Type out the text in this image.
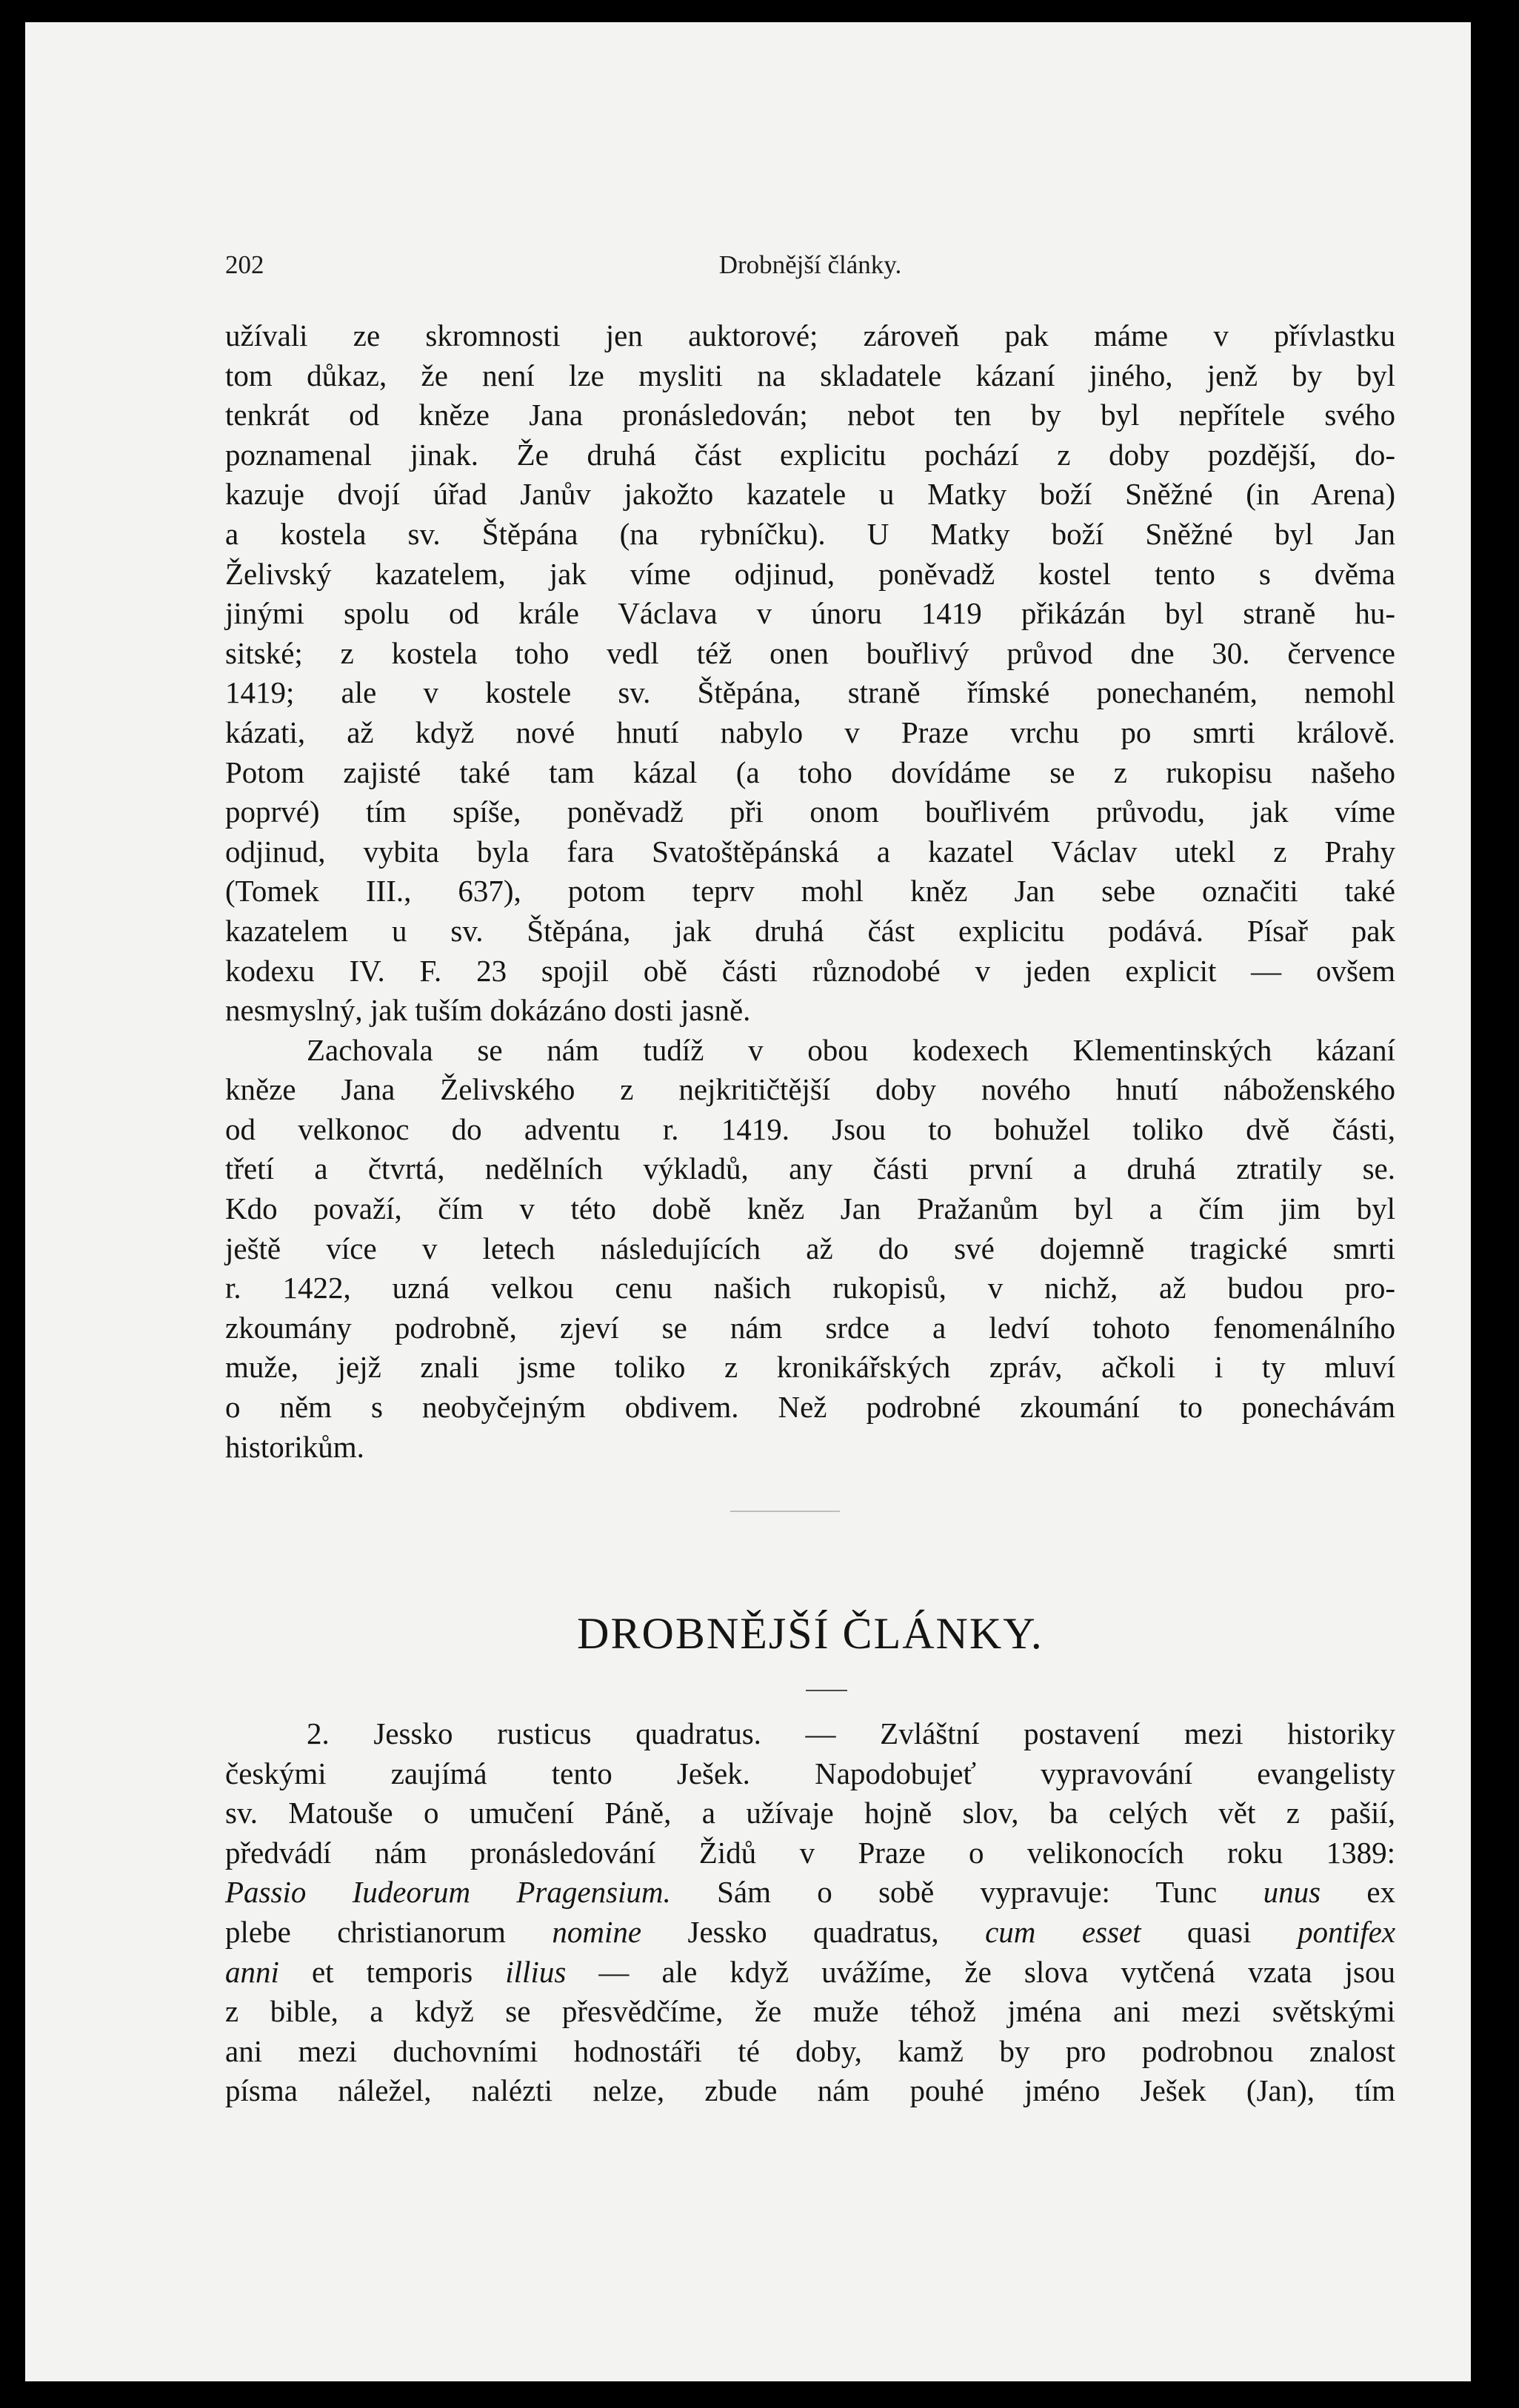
202	Drobnější články.
užívali ze skromnosti jen auktorové; zároveň pak máme v přívlastku
tom důkaz, že není lze mysliti na skladatele kázaní jiného, jenž by byl
tenkrát od kněze Jana pronásledován; nebot ten by byl nepřítele svého
poznamenal jinak. Že druhá část explicitu pochází z doby pozdější, do-
kazuje dvojí úřad Janův jakožto kazatele u Matky boží Sněžné (in Arena)
a kostela sv. Štěpána (na rybníčku). U Matky boží Sněžné byl Jan
Želivský kazatelem, jak víme odjinud, poněvadž kostel tento s dvěma
jinými spolu od krále Václava v únoru 1419 přikázán byl straně hu-
sitské; z kostela toho vedl též onen bouřlivý průvod dne 30. července
1419; ale v kostele sv. Štěpána, straně římské ponechaném, nemohl
kázati, až když nové hnutí nabylo v Praze vrchu po smrti králově.
Potom zajisté také tam kázal (a toho dovídáme se z rukopisu našeho
poprvé) tím spíše, poněvadž při onom bouřlivém průvodu, jak víme
odjinud, vybita byla fara Svatoštěpánská a kazatel Václav utekl z Prahy
(Tomek III., 637), potom teprv mohl kněz Jan sebe označiti také
kazatelem u sv. Štěpána, jak druhá část explicitu podává. Písař pak
kodexu IV. F. 23 spojil obě části různodobé v jeden explicit — ovšem
nesmyslný, jak tuším dokázáno dosti jasně.
Zachovala se nám tudíž v obou kodexech Klementinských kázaní
kněze Jana Želivského z nejkritičtější doby nového hnutí náboženského
od velkonoc do adventu r. 1419. Jsou to bohužel toliko dvě části,
třetí a čtvrtá, nedělních výkladů, any části první a druhá ztratily se.
Kdo považí, čím v této době kněz Jan Pražanům byl a čím jim byl
ještě více v letech následujících až do své dojemně tragické smrti
r. 1422, uzná velkou cenu našich rukopisů, v nichž, až budou pro-
zkoumány podrobně, zjeví se nám srdce a ledví tohoto fenomenálního
muže, jejž znali jsme toliko z kronikářských zpráv, ačkoli i ty mluví
o něm s neobyčejným obdivem. Než podrobné zkoumání to ponechávám
historikům.
DROBNĚJŠÍ ČLÁNKY.
2. Jessko rusticus quadratus. — Zvláštní postavení mezi historiky
českými zaujímá tento Ješek. Napodobujeť vypravování evangelisty
sv. Matouše o umučení Páně, a užívaje hojně slov, ba celých vět z pašií,
předvádí nám pronásledování Židů v Praze o velikonocích roku 1389:
Passio Iudeorum Pragensium. Sám o sobě vypravuje: Tunc unus ex
plebe christianorum nomine Jessko quadratus, cum esset quasi pontifex
anni et temporis illius — ale když uvážíme, že slova vytčená vzata jsou
z bible, a když se přesvědčíme, že muže téhož jména ani mezi světskými
ani mezi duchovními hodnostáři té doby, kamž by pro podrobnou znalost
písma náležel, nalézti nelze, zbude nám pouhé jméno Ješek (Jan), tím
